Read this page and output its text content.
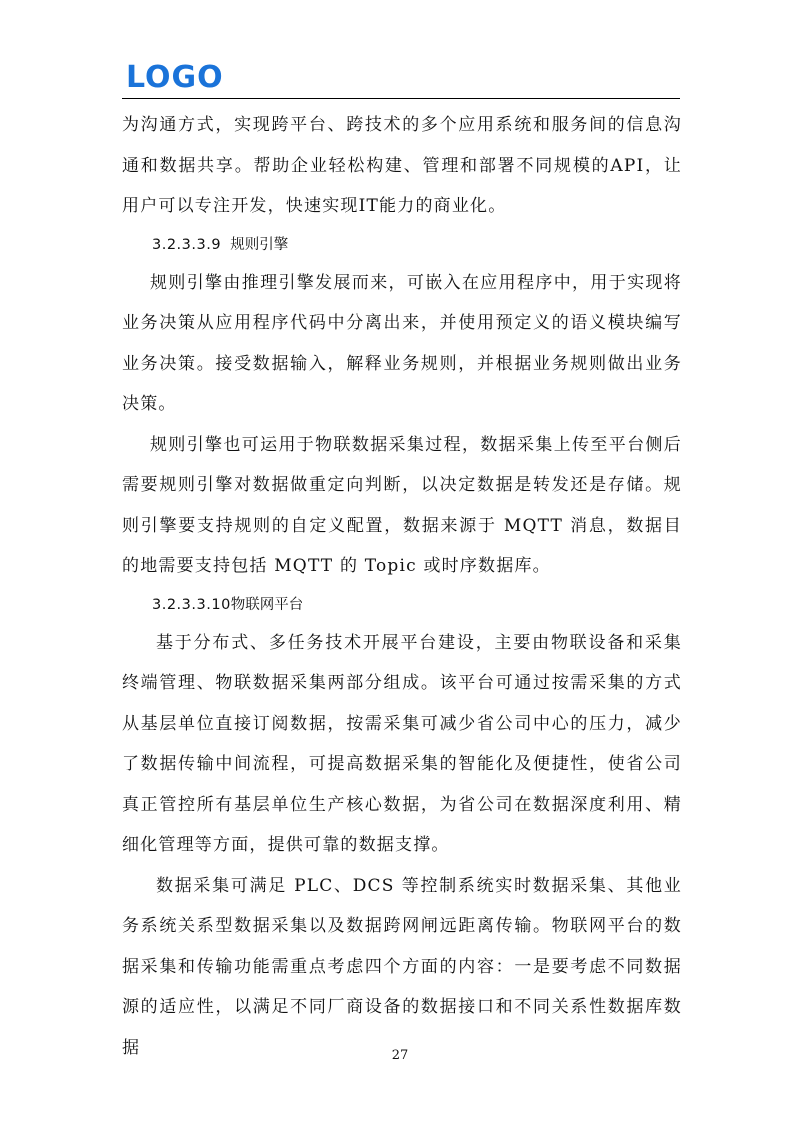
LOGO

为沟通方式，实现跨平台、跨技术的多个应用系统和服务间的信息沟通和数据共享。帮助企业轻松构建、管理和部署不同规模的API，让用户可以专注开发，快速实现IT能力的商业化。

3.2.3.3.9 规则引擎

规则引擎由推理引擎发展而来，可嵌入在应用程序中，用于实现将业务决策从应用程序代码中分离出来，并使用预定义的语义模块编写业务决策。接受数据输入，解释业务规则，并根据业务规则做出业务决策。

规则引擎也可运用于物联数据采集过程，数据采集上传至平台侧后需要规则引擎对数据做重定向判断，以决定数据是转发还是存储。规则引擎要支持规则的自定义配置，数据来源于 MQTT 消息，数据目的地需要支持包括 MQTT 的 Topic 或时序数据库。

3.2.3.3.10物联网平台

基于分布式、多任务技术开展平台建设，主要由物联设备和采集终端管理、物联数据采集两部分组成。该平台可通过按需采集的方式从基层单位直接订阅数据，按需采集可减少省公司中心的压力，减少了数据传输中间流程，可提高数据采集的智能化及便捷性，使省公司真正管控所有基层单位生产核心数据，为省公司在数据深度利用、精细化管理等方面，提供可靠的数据支撑。

数据采集可满足 PLC、DCS 等控制系统实时数据采集、其他业务系统关系型数据采集以及数据跨网闸远距离传输。物联网平台的数据采集和传输功能需重点考虑四个方面的内容：一是要考虑不同数据源的适应性，以满足不同厂商设备的数据接口和不同关系性数据库数据	27
